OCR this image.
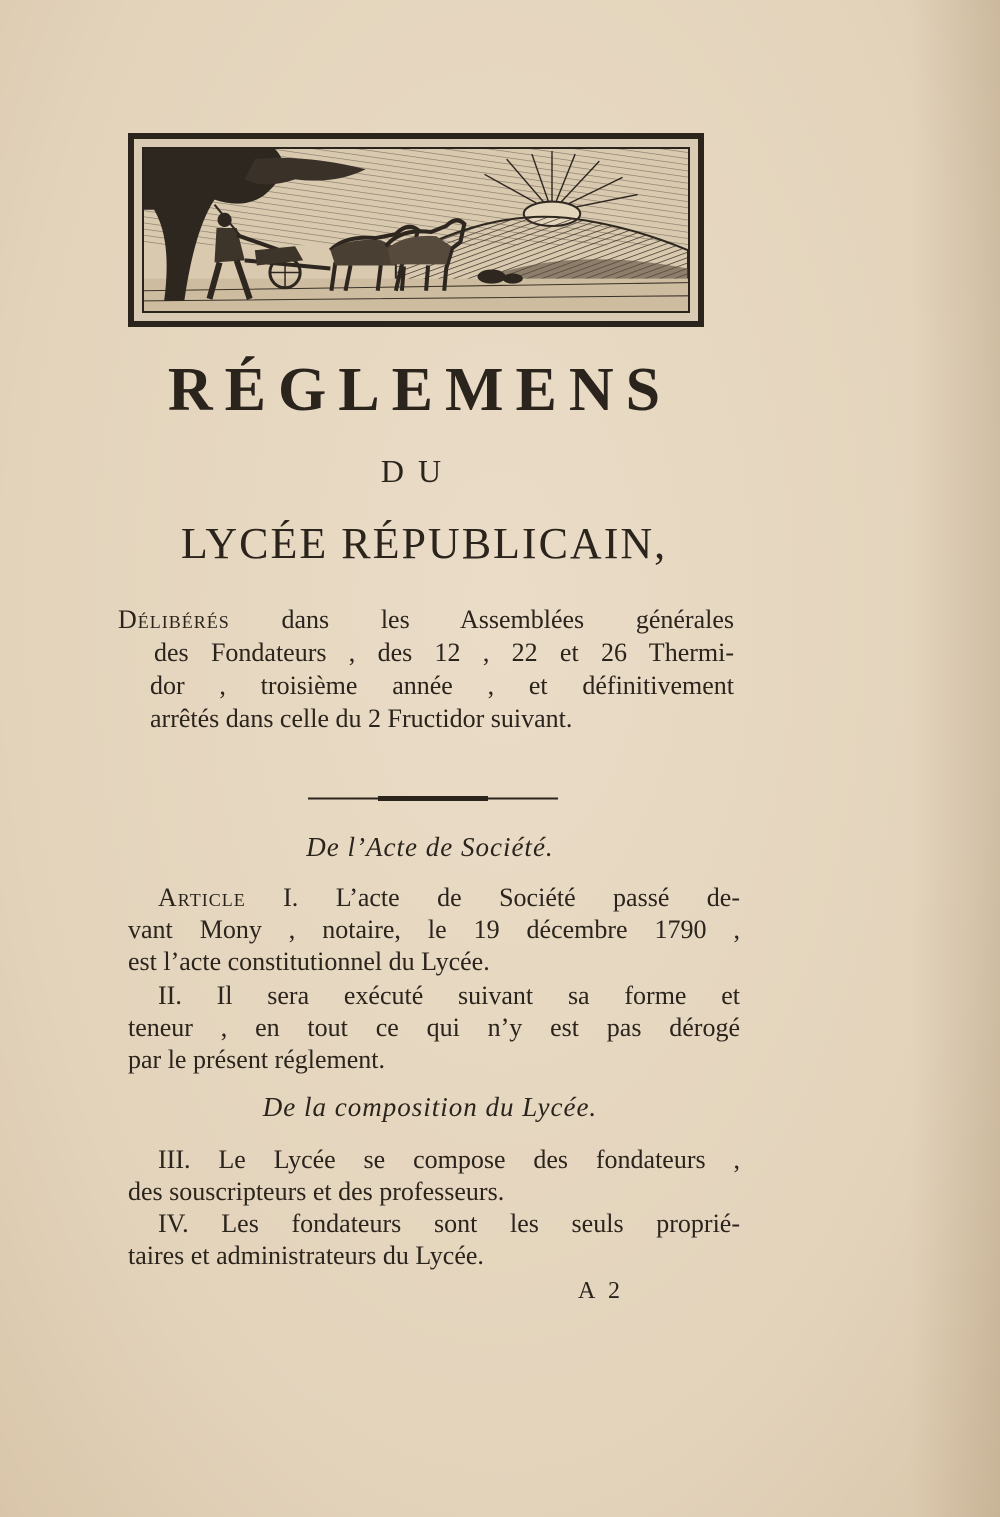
RÉGLEMENS
DU
LYCÉE RÉPUBLICAIN,
Délibérés dans les Assemblées générales
des Fondateurs , des 12 , 22 et 26 Thermi-
dor , troisième année , et définitivement
arrêtés dans celle du 2 Fructidor suivant.
De l’Acte de Société.
Article I. L’acte de Société passé de-
vant Mony , notaire, le 19 décembre 1790 ,
est l’acte constitutionnel du Lycée.
II. Il sera exécuté suivant sa forme et
teneur , en tout ce qui n’y est pas dérogé
par le présent réglement.
De la composition du Lycée.
III. Le Lycée se compose des fondateurs ,
des souscripteurs et des professeurs.
IV. Les fondateurs sont les seuls proprié-
taires et administrateurs du Lycée.
A 2
